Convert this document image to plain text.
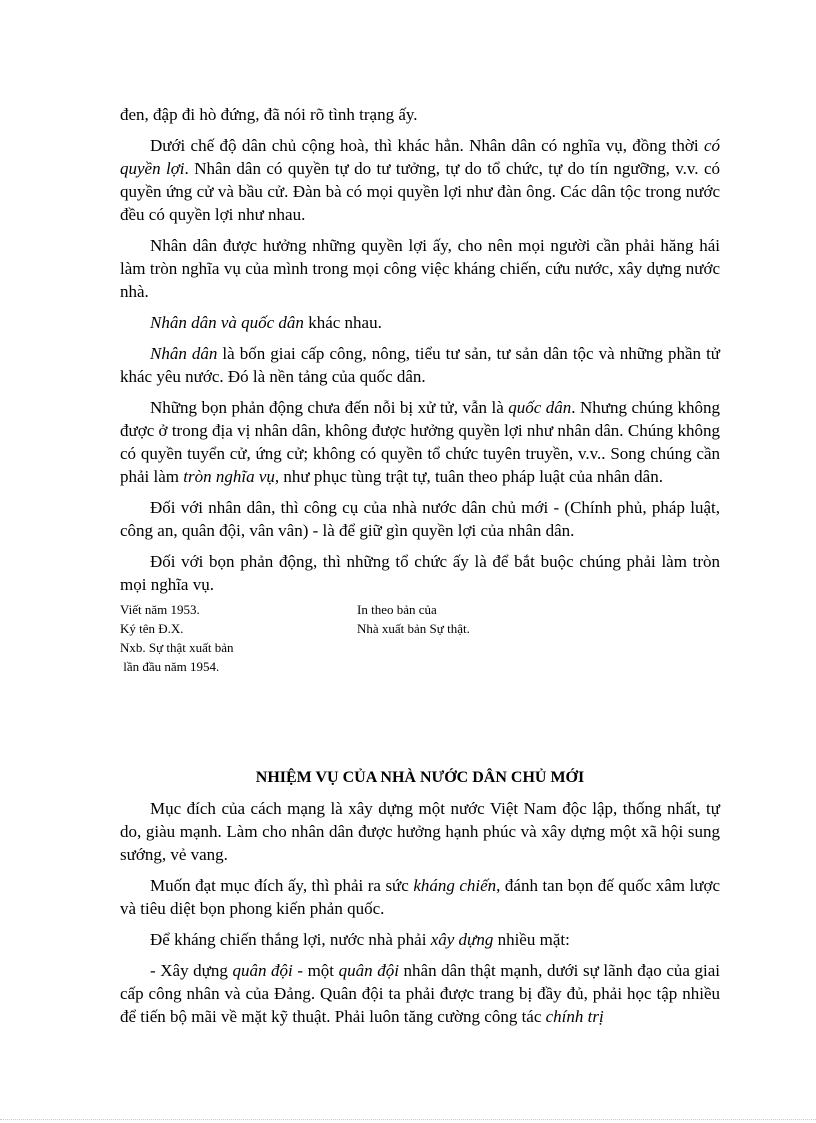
đen, đập đi hò đứng, đã nói rõ tình trạng ấy.

Dưới chế độ dân chủ cộng hoà, thì khác hẳn. Nhân dân có nghĩa vụ, đồng thời có quyền lợi. Nhân dân có quyền tự do tư tưởng, tự do tổ chức, tự do tín ngưỡng, v.v. có quyền ứng cử và bầu cử. Đàn bà có mọi quyền lợi như đàn ông. Các dân tộc trong nước đều có quyền lợi như nhau.

Nhân dân được hưởng những quyền lợi ấy, cho nên mọi người cần phải hăng hái làm tròn nghĩa vụ của mình trong mọi công việc kháng chiến, cứu nước, xây dựng nước nhà.

Nhân dân và quốc dân khác nhau.

Nhân dân là bốn giai cấp công, nông, tiểu tư sản, tư sản dân tộc và những phần tử khác yêu nước. Đó là nền tảng của quốc dân.

Những bọn phản động chưa đến nỗi bị xử tử, vẫn là quốc dân. Nhưng chúng không được ở trong địa vị nhân dân, không được hưởng quyền lợi như nhân dân. Chúng không có quyền tuyển cử, ứng cử; không có quyền tổ chức tuyên truyền, v.v.. Song chúng cần phải làm tròn nghĩa vụ, như phục tùng trật tự, tuân theo pháp luật của nhân dân.

Đối với nhân dân, thì công cụ của nhà nước dân chủ mới - (Chính phủ, pháp luật, công an, quân đội, vân vân) - là để giữ gìn quyền lợi của nhân dân.

Đối với bọn phản động, thì những tổ chức ấy là để bắt buộc chúng phải làm tròn mọi nghĩa vụ.

Viết năm 1953.
Ký tên Đ.X.
Nxb. Sự thật xuất bản
lần đầu năm 1954.
In theo bản của
Nhà xuất bản Sự thật.
NHIỆM VỤ CỦA NHÀ NƯỚC DÂN CHỦ MỚI

Mục đích của cách mạng là xây dựng một nước Việt Nam độc lập, thống nhất, tự do, giàu mạnh. Làm cho nhân dân được hưởng hạnh phúc và xây dựng một xã hội sung sướng, vẻ vang.

Muốn đạt mục đích ấy, thì phải ra sức kháng chiến, đánh tan bọn đế quốc xâm lược và tiêu diệt bọn phong kiến phản quốc.

Để kháng chiến thắng lợi, nước nhà phải xây dựng nhiều mặt:

- Xây dựng quân đội - một quân đội nhân dân thật mạnh, dưới sự lãnh đạo của giai cấp công nhân và của Đảng. Quân đội ta phải được trang bị đầy đủ, phải học tập nhiều để tiến bộ mãi về mặt kỹ thuật. Phải luôn tăng cường công tác chính trị
